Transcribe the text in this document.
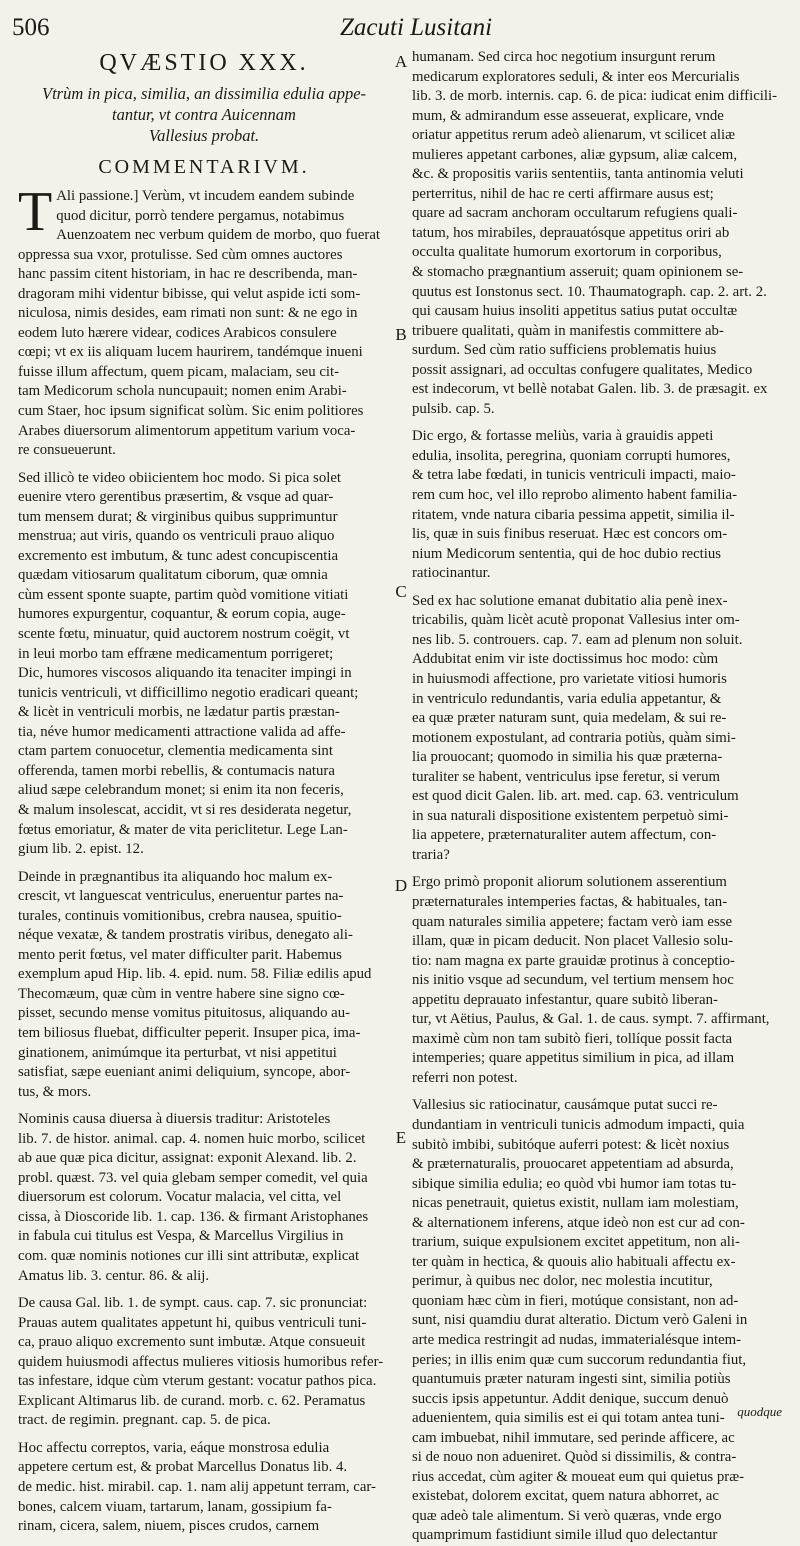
506	Zacuti Lusitani
QVÆSTIO XXX.
Vtrùm in pica, similia, an dissimilia edulia appe-
tantur, vt contra Auicennam
Vallesius probat.
COMMENTARIVM.
T Ali passione.] Verùm, vt incudem eandem subinde
quod dicitur, porrò tendere pergamus, notabimus
Auenzoatem nec verbum quidem de morbo, quo fuerat
oppressa sua vxor, protulisse. Sed cùm omnes auctores
hanc passim citent historiam, in hac re describenda, man-
dragoram mihi videntur bibisse, qui velut aspide icti som-
niculosa, nimis desides, eam rimati non sunt: & ne ego in
eodem luto hærere videar, codices Arabicos consulere
cœpi; vt ex iis aliquam lucem haurirem, tandémque inueni
fuisse illum affectum, quem picam, malaciam, seu cit-
tam Medicorum schola nuncupauit; nomen enim Arabi-
cum Staer, hoc ipsum significat solùm. Sic enim politiores
Arabes diuersorum alimentorum appetitum varium voca-
re consueuerunt.
Sed illicò te video obiicientem hoc modo. Si pica solet
euenire vtero gerentibus præsertim, & vsque ad quar-
tum mensem durat; & virginibus quibus supprimuntur
menstrua; aut viris, quando os ventriculi prauo aliquo
excremento est imbutum, & tunc adest concupiscentia
quædam vitiosarum qualitatum ciborum, quæ omnia
cùm essent sponte suapte, partim quòd vomitione vitiati
humores expurgentur, coquantur, & eorum copia, auge-
scente fœtu, minuatur, quid auctorem nostrum coëgit, vt
in leui morbo tam effræne medicamentum porrigeret;
Dic, humores viscosos aliquando ita tenaciter impingi in
tunicis ventriculi, vt difficillimo negotio eradicari queant;
& licèt in ventriculi morbis, ne lædatur partis præstan-
tia, néve humor medicamenti attractione valida ad affe-
ctam partem conuocetur, clementia medicamenta sint
offerenda, tamen morbi rebellis, & contumacis natura
aliud sæpe celebrandum monet; si enim ita non feceris,
& malum insolescat, accidit, vt si res desiderata negetur,
fœtus emoriatur, & mater de vita periclitetur. Lege Lan-
gium lib. 2. epist. 12.
Deinde in prægnantibus ita aliquando hoc malum ex-
crescit, vt languescat ventriculus, eneruentur partes na-
turales, continuis vomitionibus, crebra nausea, spuitio-
néque vexatæ, & tandem prostratis viribus, denegato ali-
mento perit fœtus, vel mater difficulter parit. Habemus
exemplum apud Hip. lib. 4. epid. num. 58. Filiæ edilis apud
Thecomæum, quæ cùm in ventre habere sine signo cœ-
pisset, secundo mense vomitus pituitosus, aliquando au-
tem biliosus fluebat, difficulter peperit. Insuper pica, ima-
ginationem, animúmque ita perturbat, vt nisi appetitui
satisfiat, sæpe eueniant animi deliquium, syncope, abor-
tus, & mors.
Nominis causa diuersa à diuersis traditur: Aristoteles
lib. 7. de histor. animal. cap. 4. nomen huic morbo, scilicet
ab aue quæ pica dicitur, assignat: exponit Alexand. lib. 2.
probl. quæst. 73. vel quia glebam semper comedit, vel quia
diuersorum est colorum. Vocatur malacia, vel citta, vel
cissa, à Dioscoride lib. 1. cap. 136. & firmant Aristophanes
in fabula cui titulus est Vespa, & Marcellus Virgilius in
com. quæ nominis notiones cur illi sint attributæ, explicat
Amatus lib. 3. centur. 86. & alij.
De causa Gal. lib. 1. de sympt. caus. cap. 7. sic pronunciat:
Prauas autem qualitates appetunt hi, quibus ventriculi tuni-
ca, prauo aliquo excremento sunt imbutæ. Atque consueuit
quidem huiusmodi affectus mulieres vitiosis humoribus refer-
tas infestare, idque cùm vterum gestant: vocatur pathos pica.
Explicant Altimarus lib. de curand. morb. c. 62. Peramatus
tract. de regimin. pregnant. cap. 5. de pica.
Hoc affectu correptos, varia, eáque monstrosa edulia
appetere certum est, & probat Marcellus Donatus lib. 4.
de medic. hist. mirabil. cap. 1. nam alij appetunt terram, car-
bones, calcem viuam, tartarum, lanam, gossipium fa-
rinam, cicera, salem, niuem, pisces crudos, carnem
humanam. Sed circa hoc negotium insurgunt rerum
medicarum exploratores seduli, & inter eos Mercurialis
lib. 3. de morb. internis. cap. 6. de pica: iudicat enim difficili-
mum, & admirandum esse asseuerat, explicare, vnde
oriatur appetitus rerum adeò alienarum, vt scilicet aliæ
mulieres appetant carbones, aliæ gypsum, aliæ calcem,
&c. & propositis variis sententiis, tanta antinomia veluti
perterritus, nihil de hac re certi affirmare ausus est;
quare ad sacram anchoram occultarum refugiens quali-
tatum, hos mirabiles, deprauatósque appetitus oriri ab
occulta qualitate humorum exortorum in corporibus,
& stomacho prægnantium asseruit; quam opinionem se-
quutus est Ionstonus sect. 10. Thaumatograph. cap. 2. art. 2.
qui causam huius insoliti appetitus satius putat occultæ
tribuere qualitati, quàm in manifestis committere ab-
surdum. Sed cùm ratio sufficiens problematis huius
possit assignari, ad occultas confugere qualitates, Medico
est indecorum, vt bellè notabat Galen. lib. 3. de præsagit. ex
pulsib. cap. 5.
Dic ergo, & fortasse meliùs, varia à grauidis appeti
edulia, insolita, peregrina, quoniam corrupti humores,
& tetra labe fœdati, in tunicis ventriculi impacti, maio-
rem cum hoc, vel illo reprobo alimento habent familia-
ritatem, vnde natura cibaria pessima appetit, similia il-
lis, quæ in suis finibus reseruat. Hæc est concors om-
nium Medicorum sententia, qui de hoc dubio rectius
ratiocinantur.
Sed ex hac solutione emanat dubitatio alia penè inex-
tricabilis, quàm licèt acutè proponat Vallesius inter om-
nes lib. 5. controuers. cap. 7. eam ad plenum non soluit.
Addubitat enim vir iste doctissimus hoc modo: cùm
in huiusmodi affectione, pro varietate vitiosi humoris
in ventriculo redundantis, varia edulia appetantur, &
ea quæ præter naturam sunt, quia medelam, & sui re-
motionem expostulant, ad contraria potiùs, quàm simi-
lia prouocant; quomodo in similia his quæ præterna-
turaliter se habent, ventriculus ipse feretur, si verum
est quod dicit Galen. lib. art. med. cap. 63. ventriculum
in sua naturali dispositione existentem perpetuò simi-
lia appetere, præternaturaliter autem affectum, con-
traria?
Ergo primò proponit aliorum solutionem asserentium
præternaturales intemperies factas, & habituales, tan-
quam naturales similia appetere; factam verò iam esse
illam, quæ in picam deducit. Non placet Vallesio solu-
tio: nam magna ex parte grauidæ protinus à conceptio-
nis initio vsque ad secundum, vel tertium mensem hoc
appetitu deprauato infestantur, quare subitò liberan-
tur, vt Aëtius, Paulus, & Gal. 1. de caus. sympt. 7. affirmant,
maximè cùm non tam subitò fieri, tollíque possit facta
intemperies; quare appetitus similium in pica, ad illam
referri non potest.
Vallesius sic ratiocinatur, causámque putat succi re-
dundantiam in ventriculi tunicis admodum impacti, quia
subitò imbibi, subitóque auferri potest: & licèt noxius
& præternaturalis, prouocaret appetentiam ad absurda,
sibique similia edulia; eo quòd vbi humor iam totas tu-
nicas penetrauit, quietus existit, nullam iam molestiam,
& alternationem inferens, atque ideò non est cur ad con-
trarium, suique expulsionem excitet appetitum, non ali-
ter quàm in hectica, & quouis alio habituali affectu ex-
perimur, à quibus nec dolor, nec molestia incutitur,
quoniam hæc cùm in fieri, motúque consistant, non ad-
sunt, nisi quamdiu durat alteratio. Dictum verò Galeni in
arte medica restringit ad nudas, immaterialésque intem-
peries; in illis enim quæ cum succorum redundantia fiut,
quantumuis præter naturam ingesti sint, similia potiùs
succis ipsis appetuntur. Addit denique, succum denuò
aduenientem, quia similis est ei qui totam antea tuni-
cam imbuebat, nihil immutare, sed perinde afficere, ac
si de nouo non adueniret. Quòd si dissimilis, & contra-
rius accedat, cùm agiter & moueat eum qui quietus præ-
existebat, dolorem excitat, quem natura abhorret, ac
quæ adeò tale alimentum. Si verò quæras, vnde ergo
quamprimum fastidiunt simile illud quo delectantur
A
B
C
D
E
quodque
